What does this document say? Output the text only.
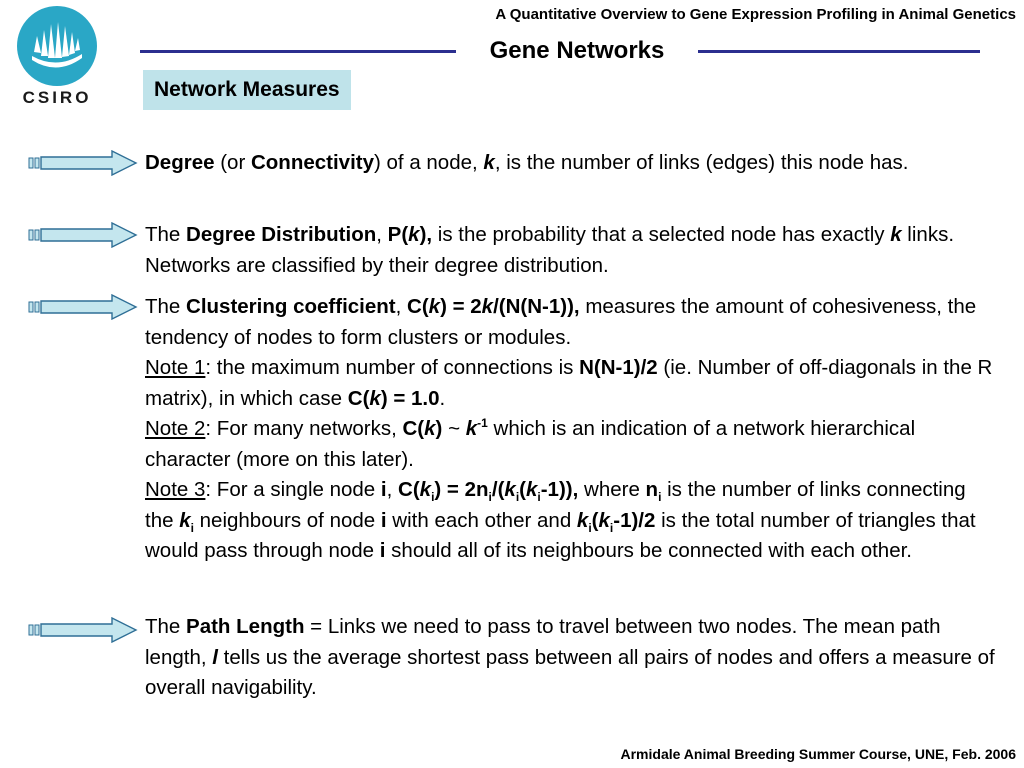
A Quantitative Overview to Gene Expression Profiling in Animal Genetics
CSIRO
Gene Networks
Network Measures

Degree (or Connectivity) of a node, k, is the number of links (edges) this node has.

The Degree Distribution, P(k), is the probability that a selected node has exactly k links. Networks are classified by their degree distribution.

The Clustering coefficient, C(k) = 2k/(N(N-1)), measures the amount of cohesiveness, the tendency of nodes to form clusters or modules.
Note 1: the maximum number of connections is N(N-1)/2 (ie. Number of off-diagonals in the R matrix), in which case C(k) = 1.0.
Note 2: For many networks, C(k) ~ $k^{-1}$ which is an indication of a network hierarchical character (more on this later).
Note 3: For a single node i, $C(k_i) = 2n_i/(k_i(k_i-1))$, where $n_i$ is the number of links connecting the $k_i$ neighbours of node i with each other and $k_i(k_i-1)/2$ is the total number of triangles that would pass through node i should all of its neighbours be connected with each other.

The Path Length = Links we need to pass to travel between two nodes. The mean path length, l tells us the average shortest pass between all pairs of nodes and offers a measure of overall navigability.

Armidale Animal Breeding Summer Course, UNE, Feb. 2006
